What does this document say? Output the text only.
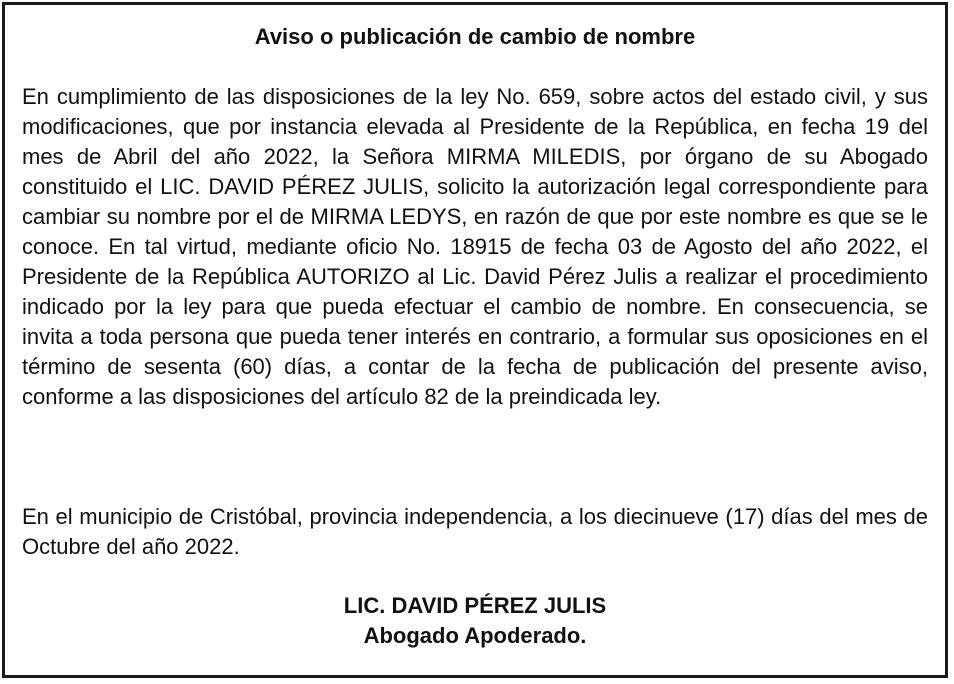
Aviso o publicación de cambio de nombre

En cumplimiento de las disposiciones de la ley No. 659, sobre actos del estado civil, y sus modificaciones, que por instancia elevada al Presidente de la República, en fecha 19 del mes de Abril del año 2022, la Señora MIRMA MILEDIS, por órgano de su Abogado constituido el LIC. DAVID PÉREZ JULIS, solicito la autorización legal correspondiente para cambiar su nombre por el de MIRMA LEDYS, en razón de que por este nombre es que se le conoce. En tal virtud, mediante oficio No. 18915 de fecha 03 de Agosto del año 2022, el Presidente de la República AUTORIZO al Lic. David Pérez Julis a realizar el procedimiento indicado por la ley para que pueda efectuar el cambio de nombre. En consecuencia, se invita a toda persona que pueda tener interés en contrario, a formular sus oposiciones en el término de sesenta (60) días, a contar de la fecha de publicación del presente aviso, conforme a las disposiciones del artículo 82 de la preindicada ley.

En el municipio de Cristóbal, provincia independencia, a los diecinueve (17) días del mes de Octubre del año 2022.

LIC. DAVID PÉREZ JULIS
Abogado Apoderado.
